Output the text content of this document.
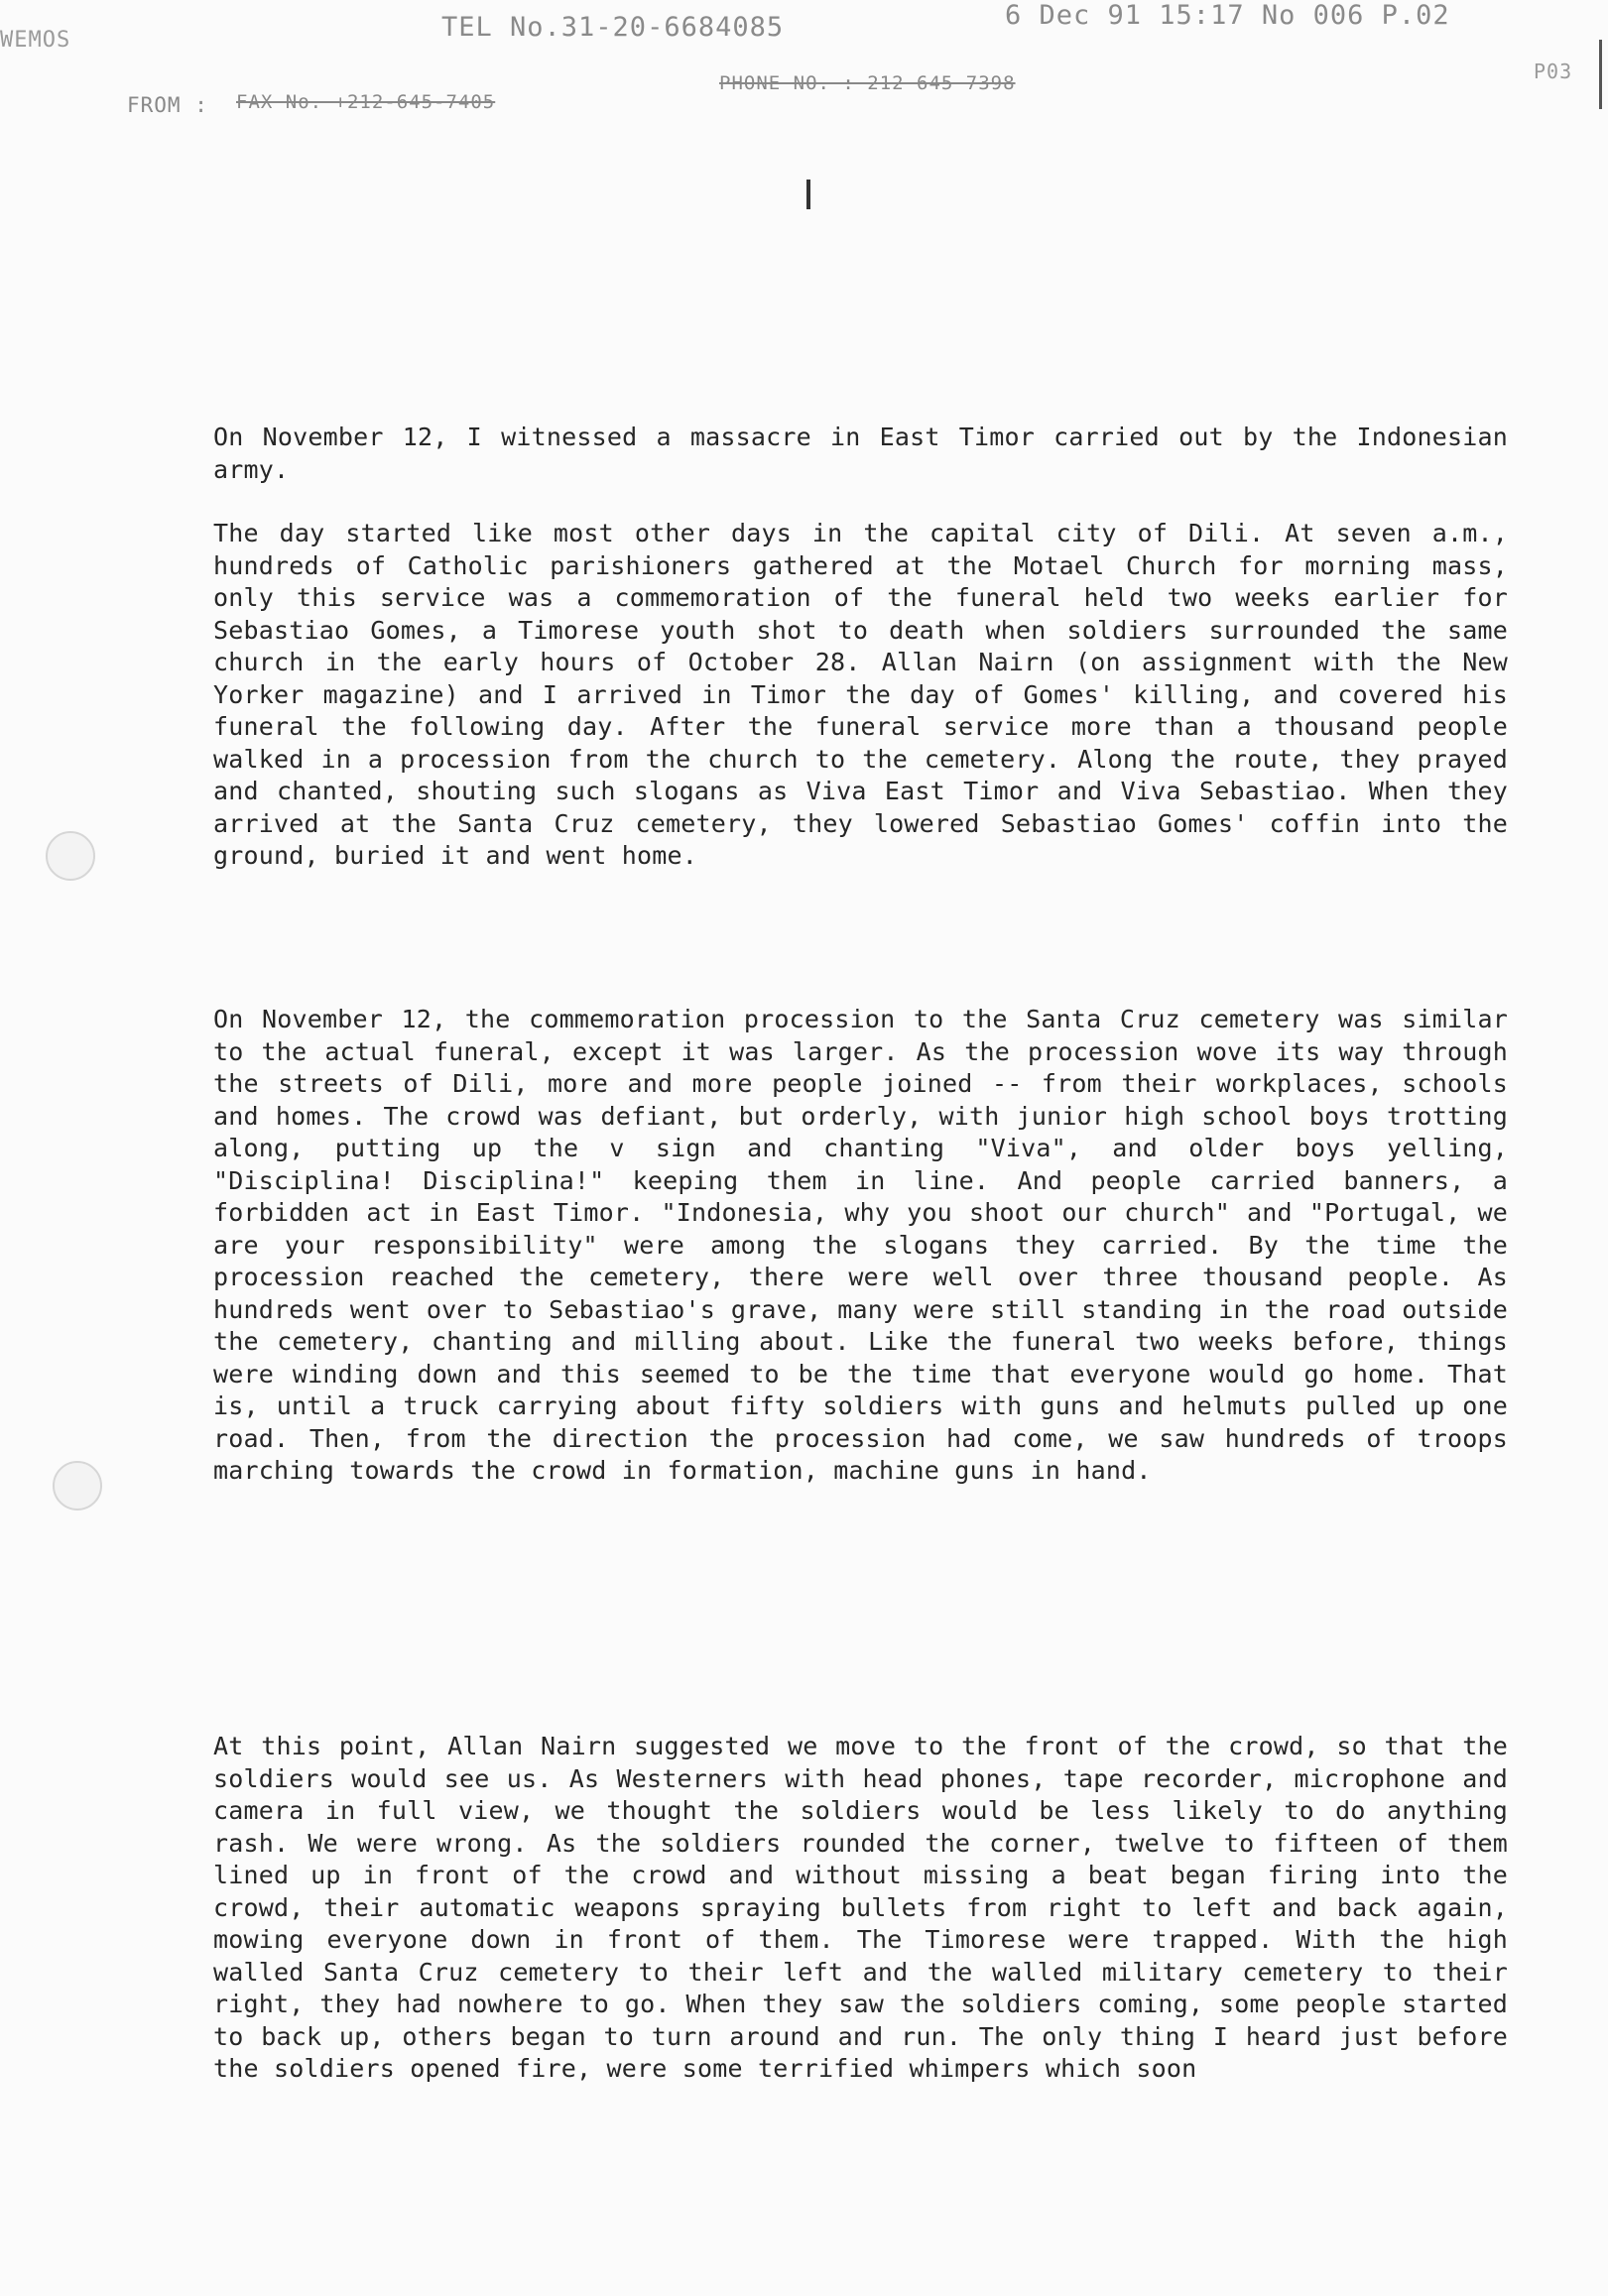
WEMOS	TEL No.31-20-6684085	6 Dec 91 15:17 No 006 P.02
P03
FROM : FAX No. +212-645-7405
PHONE NO. : 212 645 7398

On November 12, I witnessed a massacre in East Timor carried out by the Indonesian army.

The day started like most other days in the capital city of Dili. At seven a.m., hundreds of Catholic parishioners gathered at the Motael Church for morning mass, only this service was a commemoration of the funeral held two weeks earlier for Sebastiao Gomes, a Timorese youth shot to death when soldiers surrounded the same church in the early hours of October 28. Allan Nairn (on assignment with the New Yorker magazine) and I arrived in Timor the day of Gomes' killing, and covered his funeral the following day. After the funeral service more than a thousand people walked in a procession from the church to the cemetery. Along the route, they prayed and chanted, shouting such slogans as Viva East Timor and Viva Sebastiao. When they arrived at the Santa Cruz cemetery, they lowered Sebastiao Gomes' coffin into the ground, buried it and went home.

On November 12, the commemoration procession to the Santa Cruz cemetery was similar to the actual funeral, except it was larger. As the procession wove its way through the streets of Dili, more and more people joined -- from their workplaces, schools and homes. The crowd was defiant, but orderly, with junior high school boys trotting along, putting up the v sign and chanting "Viva", and older boys yelling, "Disciplina! Disciplina!" keeping them in line. And people carried banners, a forbidden act in East Timor. "Indonesia, why you shoot our church" and "Portugal, we are your responsibility" were among the slogans they carried. By the time the procession reached the cemetery, there were well over three thousand people. As hundreds went over to Sebastiao's grave, many were still standing in the road outside the cemetery, chanting and milling about. Like the funeral two weeks before, things were winding down and this seemed to be the time that everyone would go home. That is, until a truck carrying about fifty soldiers with guns and helmuts pulled up one road. Then, from the direction the procession had come, we saw hundreds of troops marching towards the crowd in formation, machine guns in hand.

At this point, Allan Nairn suggested we move to the front of the crowd, so that the soldiers would see us. As Westerners with head phones, tape recorder, microphone and camera in full view, we thought the soldiers would be less likely to do anything rash. We were wrong. As the soldiers rounded the corner, twelve to fifteen of them lined up in front of the crowd and without missing a beat began firing into the crowd, their automatic weapons spraying bullets from right to left and back again, mowing everyone down in front of them. The Timorese were trapped. With the high walled Santa Cruz cemetery to their left and the walled military cemetery to their right, they had nowhere to go. When they saw the soldiers coming, some people started to back up, others began to turn around and run. The only thing I heard just before the soldiers opened fire, were some terrified whimpers which soon
